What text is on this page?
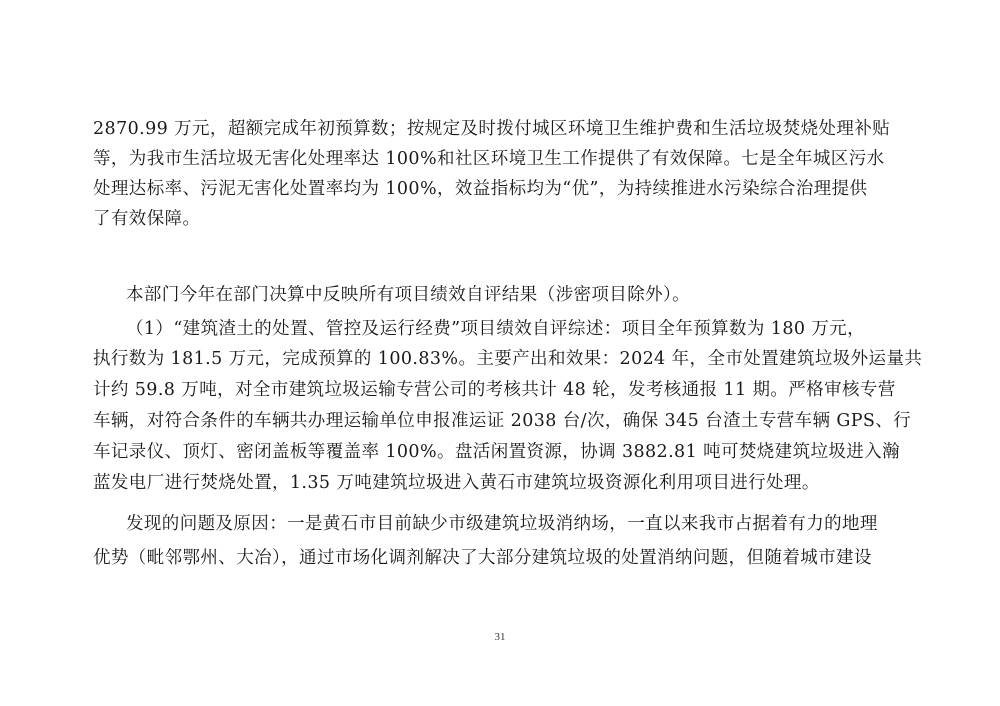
2870.99 万元，超额完成年初预算数；按规定及时拨付城区环境卫生维护费和生活垃圾焚烧处理补贴
等，为我市生活垃圾无害化处理率达 100%和社区环境卫生工作提供了有效保障。七是全年城区污水
处理达标率、污泥无害化处置率均为 100%，效益指标均为“优”，为持续推进水污染综合治理提供
了有效保障。
本部门今年在部门决算中反映所有项目绩效自评结果（涉密项目除外）。
（1）“建筑渣土的处置、管控及运行经费”项目绩效自评综述：项目全年预算数为 180 万元，
执行数为 181.5 万元，完成预算的 100.83%。主要产出和效果：2024 年，全市处置建筑垃圾外运量共
计约 59.8 万吨，对全市建筑垃圾运输专营公司的考核共计 48 轮，发考核通报 11 期。严格审核专营
车辆，对符合条件的车辆共办理运输单位申报准运证 2038 台/次，确保 345 台渣土专营车辆 GPS、行
车记录仪、顶灯、密闭盖板等覆盖率 100%。盘活闲置资源，协调 3882.81 吨可焚烧建筑垃圾进入瀚
蓝发电厂进行焚烧处置，1.35 万吨建筑垃圾进入黄石市建筑垃圾资源化利用项目进行处理。
发现的问题及原因：一是黄石市目前缺少市级建筑垃圾消纳场，一直以来我市占据着有力的地理
优势（毗邻鄂州、大冶），通过市场化调剂解决了大部分建筑垃圾的处置消纳问题，但随着城市建设
31
